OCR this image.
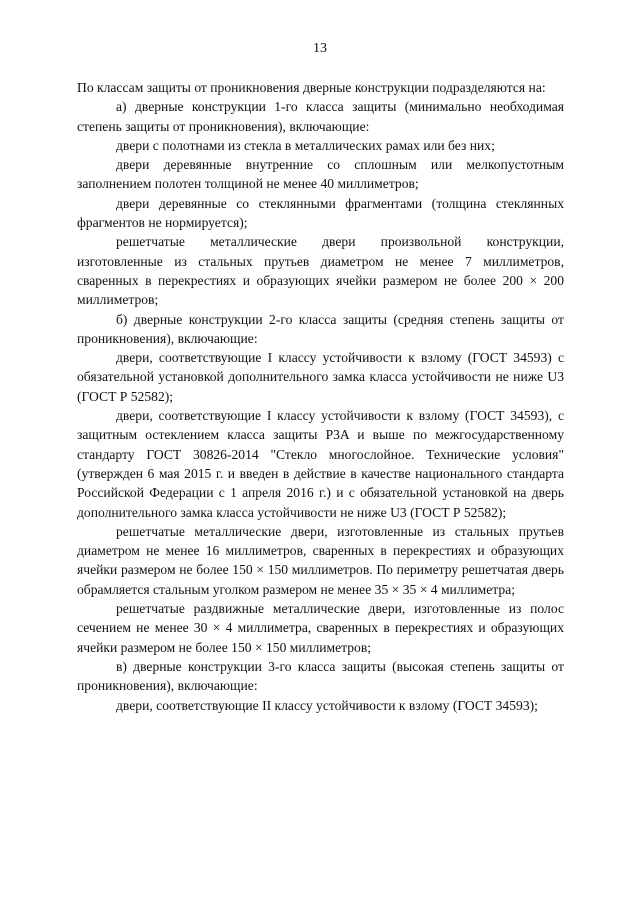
13

По классам защиты от проникновения дверные конструкции подразделяются на:

а) дверные конструкции 1-го класса защиты (минимально необходимая степень защиты от проникновения), включающие:

двери с полотнами из стекла в металлических рамах или без них;

двери деревянные внутренние со сплошным или мелкопустотным заполнением полотен толщиной не менее 40 миллиметров;

двери деревянные со стеклянными фрагментами (толщина стеклянных фрагментов не нормируется);

решетчатые металлические двери произвольной конструкции, изготовленные из стальных прутьев диаметром не менее 7 миллиметров, сваренных в перекрестиях и образующих ячейки размером не более 200 × 200 миллиметров;

б) дверные конструкции 2-го класса защиты (средняя степень защиты от проникновения), включающие:

двери, соответствующие I классу устойчивости к взлому (ГОСТ 34593) с обязательной установкой дополнительного замка класса устойчивости не ниже U3 (ГОСТ Р 52582);

двери, соответствующие I классу устойчивости к взлому (ГОСТ 34593), с защитным остеклением класса защиты P3A и выше по межгосударственному стандарту ГОСТ 30826-2014 "Стекло многослойное. Технические условия" (утвержден 6 мая 2015 г. и введен в действие в качестве национального стандарта Российской Федерации с 1 апреля 2016 г.) и с обязательной установкой на дверь дополнительного замка класса устойчивости не ниже U3 (ГОСТ Р 52582);

решетчатые металлические двери, изготовленные из стальных прутьев диаметром не менее 16 миллиметров, сваренных в перекрестиях и образующих ячейки размером не более 150 × 150 миллиметров. По периметру решетчатая дверь обрамляется стальным уголком размером не менее 35 × 35 × 4 миллиметра;

решетчатые раздвижные металлические двери, изготовленные из полос сечением не менее 30 × 4 миллиметра, сваренных в перекрестиях и образующих ячейки размером не более 150 × 150 миллиметров;

в) дверные конструкции 3-го класса защиты (высокая степень защиты от проникновения), включающие:

двери, соответствующие II классу устойчивости к взлому (ГОСТ 34593);
